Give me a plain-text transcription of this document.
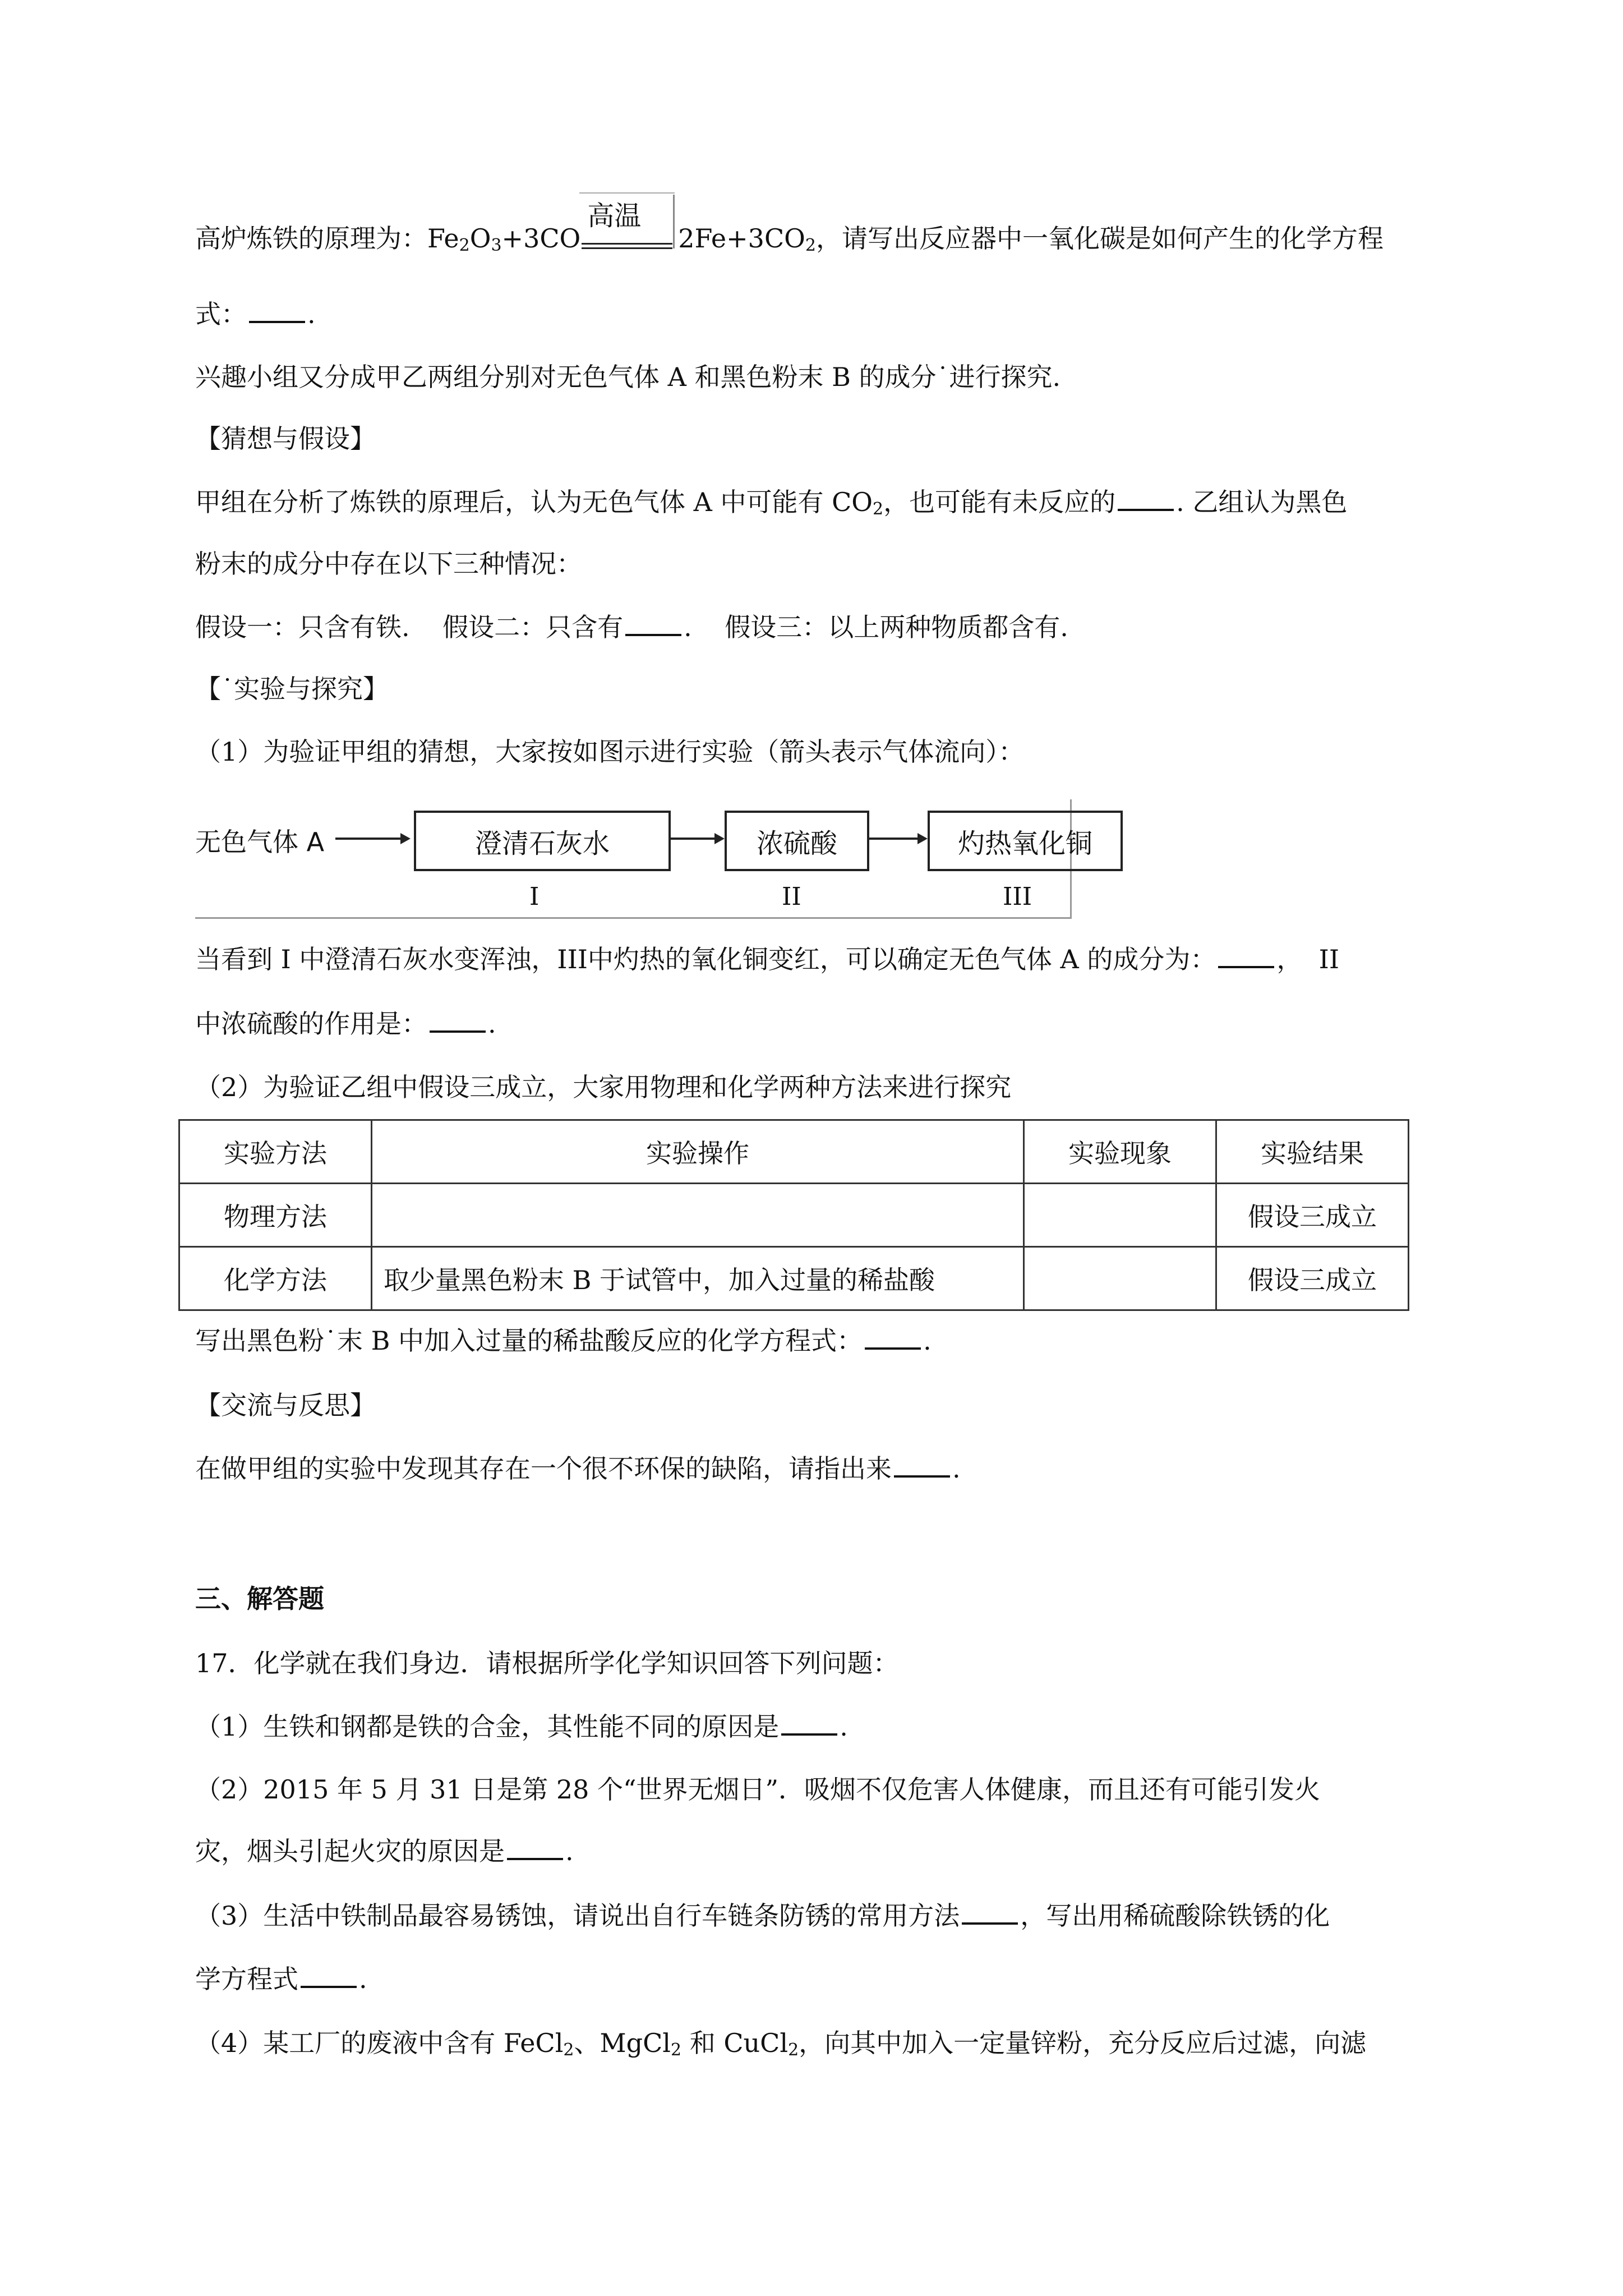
高炉炼铁的原理为：$Fe_2O_3+3CO$
高温
$2Fe+3CO_2$，请写出反应器中一氧化碳是如何产生的化学方程
式： .
兴趣小组又分成甲乙两组分别对无色气体 A 和黑色粉末 B 的成分˙进行探究.
【猜想与假设】
甲组在分析了炼铁的原理后，认为无色气体 A 中可能有 $CO_2$，也可能有未反应的 . 乙组认为黑色
粉末的成分中存在以下三种情况：
假设一：只含有铁.    假设二：只含有 .    假设三：以上两种物质都含有.
【˙实验与探究】
（1）为验证甲组的猜想，大家按如图示进行实验（箭头表示气体流向）：
无色气体 A	澄清石灰水	浓硫酸	灼热氧化铜
I	II	III
当看到 I 中澄清石灰水变浑浊，III中灼热的氧化铜变红，可以确定无色气体 A 的成分为： ，  II
中浓硫酸的作用是： .
（2）为验证乙组中假设三成立，大家用物理和化学两种方法来进行探究
实验方法	实验操作	实验现象	实验结果
物理方法			假设三成立
化学方法	取少量黑色粉末 B 于试管中，加入过量的稀盐酸		假设三成立
写出黑色粉˙末 B 中加入过量的稀盐酸反应的化学方程式： .
【交流与反思】
在做甲组的实验中发现其存在一个很不环保的缺陷，请指出来 .
三、解答题
17．化学就在我们身边．请根据所学化学知识回答下列问题：
（1）生铁和钢都是铁的合金，其性能不同的原因是 .
（2）2015 年 5 月 31 日是第 28 个“世界无烟日”．吸烟不仅危害人体健康，而且还有可能引发火
灾，烟头引起火灾的原因是 .
（3）生活中铁制品最容易锈蚀，请说出自行车链条防锈的常用方法 ，写出用稀硫酸除铁锈的化
学方程式 .
（4）某工厂的废液中含有 FeCl$_2$、MgCl$_2$ 和 CuCl$_2$，向其中加入一定量锌粉，充分反应后过滤，向滤
